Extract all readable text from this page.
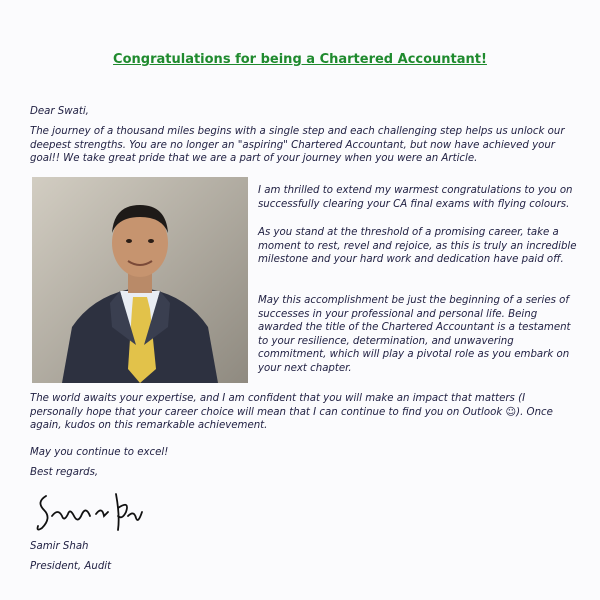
Congratulations for being a Chartered Accountant!

Dear Swati,

The journey of a thousand miles begins with a single step and each challenging step helps us unlock our deepest strengths. You are no longer an "aspiring" Chartered Accountant, but now have achieved your goal!! We take great pride that we are a part of your journey when you were an Article.

I am thrilled to extend my warmest congratulations to you on successfully clearing your CA final exams with flying colours.

As you stand at the threshold of a promising career, take a moment to rest, revel and rejoice, as this is truly an incredible milestone and your hard work and dedication have paid off.

May this accomplishment be just the beginning of a series of successes in your professional and personal life. Being awarded the title of the Chartered Accountant is a testament to your resilience, determination, and unwavering commitment, which will play a pivotal role as you embark on your next chapter.

The world awaits your expertise, and I am confident that you will make an impact that matters (I personally hope that your career choice will mean that I can continue to find you on Outlook ☺). Once again, kudos on this remarkable achievement.

May you continue to excel!

Best regards,

Samir Shah

President, Audit
